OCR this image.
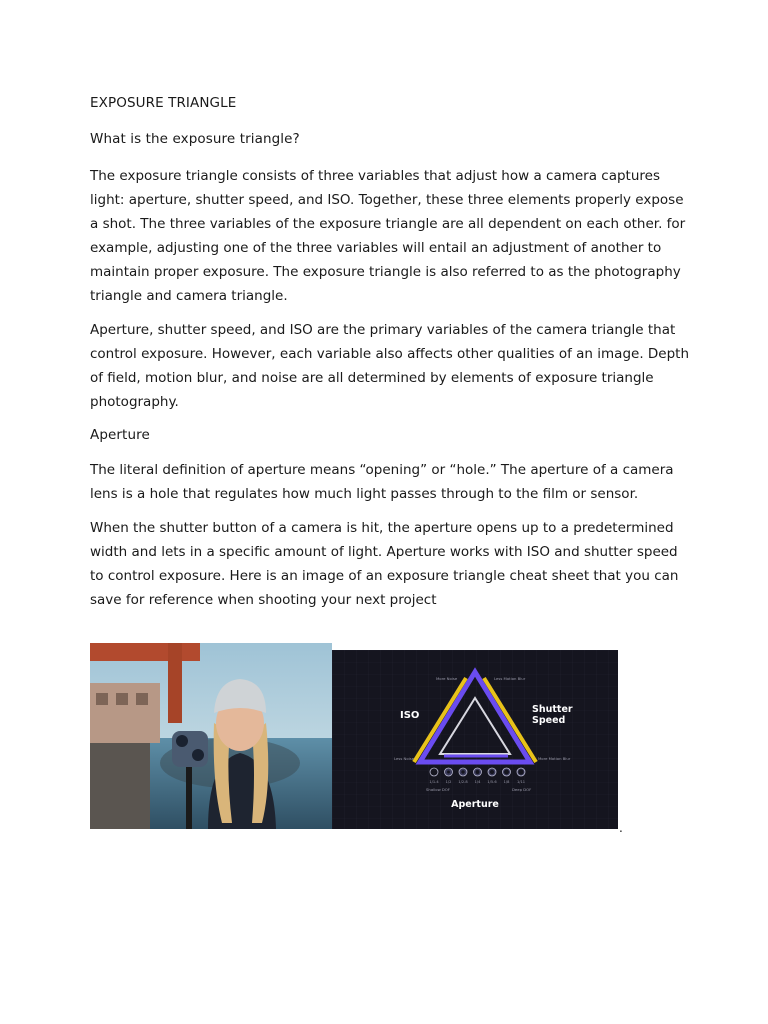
EXPOSURE TRIANGLE

What is the exposure triangle?

The exposure triangle consists of three variables that adjust how a camera captures light: aperture, shutter speed, and ISO. Together, these three elements properly expose a shot. The three variables of the exposure triangle are all dependent on each other. for example, adjusting one of the three variables will entail an adjustment of another to maintain proper exposure. The exposure triangle is also referred to as the photography triangle and camera triangle.

Aperture, shutter speed, and ISO are the primary variables of the camera triangle that control exposure. However, each variable also affects other qualities of an image. Depth of field, motion blur, and noise are all determined by elements of exposure triangle photography.

Aperture

The literal definition of aperture means “opening” or “hole.” The aperture of a camera lens is a hole that regulates how much light passes through to the film or sensor.

When the shutter button of a camera is hit, the aperture opens up to a predetermined width and lets in a specific amount of light. Aperture works with ISO and shutter speed to control exposure. Here is an image of an exposure triangle cheat sheet that you can save for reference when shooting your next project

ISO
Shutter
Speed
Aperture
More Noise	Less Motion Blur
Less Noise	More Motion Blur
Shallow DOF	Deep DOF
1/1.4 1/2 1/2.8 1/4 1/5.6 1/8 1/11
.
